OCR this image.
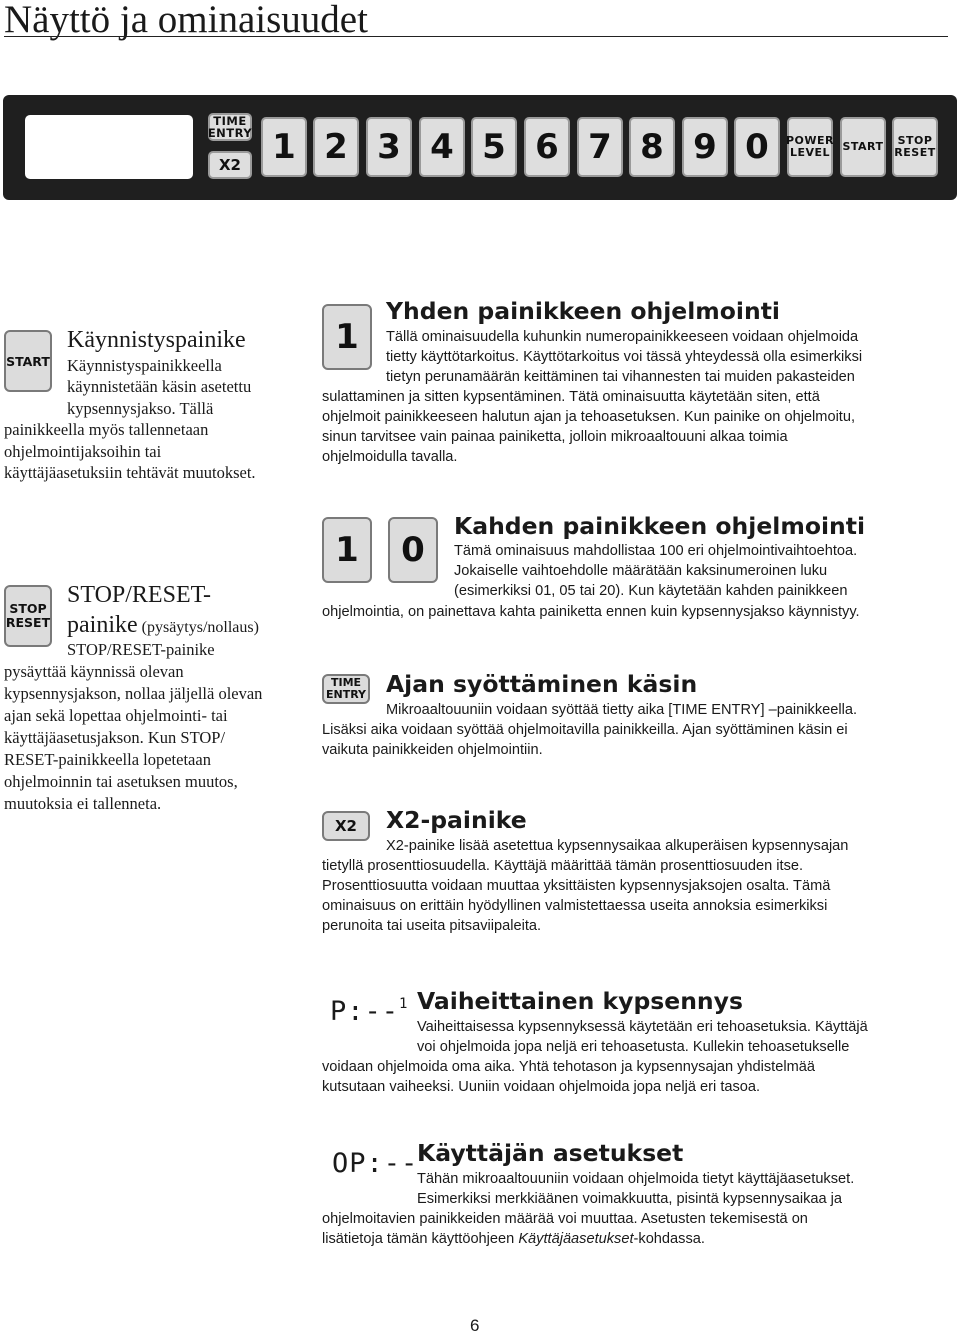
Näyttö ja ominaisuudet
TIME
ENTRY
X2 1 2 3 4 5 6 7 8 9 0	POWER
LEVEL	START STOP
RESET
START
Käynnistyspainike
Käynnistyspainikkeella
käynnistetään käsin asetettu
kypsennysjakso. Tällä
painikkeella myös tallennetaan
ohjelmointijaksoihin tai
käyttäjäasetuksiin tehtävät muutokset.
STOP
RESET
STOP/RESET-
painike (pysäytys/nollaus)
STOP/RESET-painike
pysäyttää käynnissä olevan
kypsennysjakson, nollaa jäljellä olevan
ajan sekä lopettaa ohjelmointi- tai
käyttäjäasetusjakson. Kun STOP/
RESET-painikkeella lopetetaan
ohjelmoinnin tai asetuksen muutos,
muutoksia ei tallenneta.
1
Yhden painikkeen ohjelmointi
Tällä ominaisuudella kuhunkin numeropainikkeeseen voidaan ohjelmoida
tietty käyttötarkoitus. Käyttötarkoitus voi tässä yhteydessä olla esimerkiksi
tietyn perunamäärän keittäminen tai vihannesten tai muiden pakasteiden
sulattaminen ja sitten kypsentäminen. Tätä ominaisuutta käytetään siten, että
ohjelmoit painikkeeseen halutun ajan ja tehoasetuksen. Kun painike on ohjelmoitu,
sinun tarvitsee vain painaa painiketta, jolloin mikroaaltouuni alkaa toimia
ohjelmoidulla tavalla.
1	0
Kahden painikkeen ohjelmointi
Tämä ominaisuus mahdollistaa 100 eri ohjelmointivaihtoehtoa.
Jokaiselle vaihtoehdolle määrätään kaksinumeroinen luku
(esimerkiksi 01, 05 tai 20). Kun käytetään kahden painikkeen
ohjelmointia, on painettava kahta painiketta ennen kuin kypsennysjakso käynnistyy.
TIME
ENTRY Ajan syöttäminen käsin
Mikroaaltouuniin voidaan syöttää tietty aika [TIME ENTRY] –painikkeella.
Lisäksi aika voidaan syöttää ohjelmoitavilla painikkeilla. Ajan syöttäminen käsin ei
vaikuta painikkeiden ohjelmointiin.
X2	X2-painike
X2-painike lisää asetettua kypsennysaikaa alkuperäisen kypsennysajan
tietyllä prosenttiosuudella. Käyttäjä määrittää tämän prosenttiosuuden itse.
Prosenttiosuutta voidaan muuttaa yksittäisten kypsennysjaksojen osalta. Tämä
ominaisuus on erittäin hyödyllinen valmistettaessa useita annoksia esimerkiksi
perunoita tai useita pitsaviipaleita.
P:--$^1$ Vaiheittainen kypsennys
Vaiheittaisessa kypsennyksessä käytetään eri tehoasetuksia. Käyttäjä
voi ohjelmoida jopa neljä eri tehoasetusta. Kullekin tehoasetukselle
voidaan ohjelmoida oma aika. Yhtä tehotason ja kypsennysajan yhdistelmää
kutsutaan vaiheeksi. Uuniin voidaan ohjelmoida jopa neljä eri tasoa.
OP:--
Käyttäjän asetukset
Tähän mikroaaltouuniin voidaan ohjelmoida tietyt käyttäjäasetukset.
Esimerkiksi merkkiäänen voimakkuutta, pisintä kypsennysaikaa ja
ohjelmoitavien painikkeiden määrää voi muuttaa. Asetusten tekemisestä on
lisätietoja tämän käyttöohjeen Käyttäjäasetukset-kohdassa.
6
